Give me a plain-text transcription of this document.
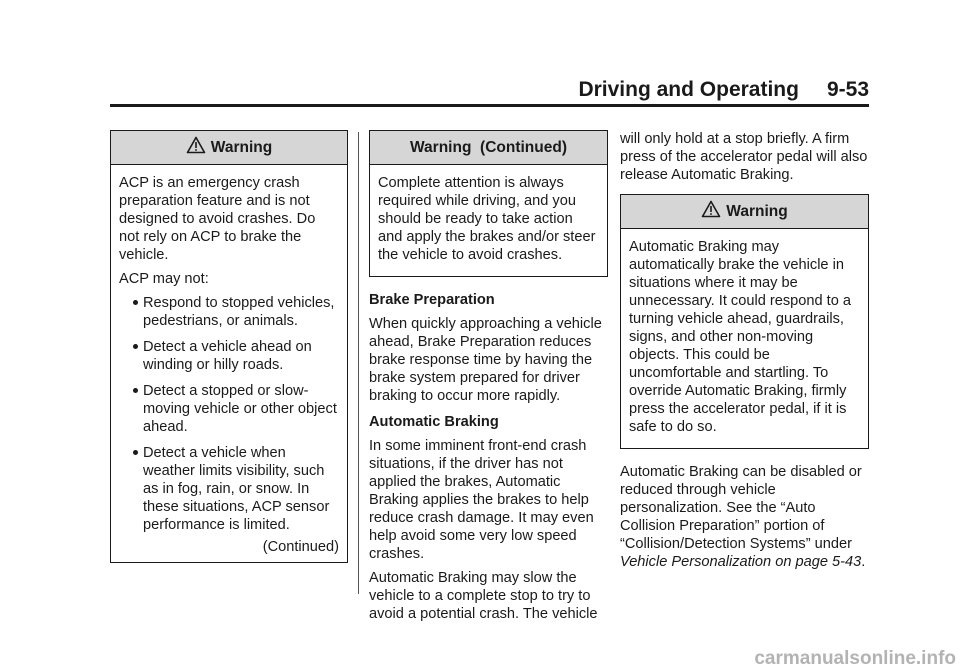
Driving and Operating 9-53
Warning

ACP is an emergency crash preparation feature and is not designed to avoid crashes. Do not rely on ACP to brake the vehicle.

ACP may not:

Respond to stopped vehicles, pedestrians, or animals.
Detect a vehicle ahead on winding or hilly roads.
Detect a stopped or slow-moving vehicle or other object ahead.
Detect a vehicle when weather limits visibility, such as in fog, rain, or snow. In these situations, ACP sensor performance is limited.
(Continued)
Warning  (Continued)

Complete attention is always required while driving, and you should be ready to take action and apply the brakes and/or steer the vehicle to avoid crashes.

Brake Preparation
When quickly approaching a vehicle ahead, Brake Preparation reduces brake response time by having the brake system prepared for driver braking to occur more rapidly.
Automatic Braking
In some imminent front-end crash situations, if the driver has not applied the brakes, Automatic Braking applies the brakes to help reduce crash damage. It may even help avoid some very low speed crashes.
Automatic Braking may slow the vehicle to a complete stop to try to avoid a potential crash. The vehicle
will only hold at a stop briefly. A firm press of the accelerator pedal will also release Automatic Braking.
Warning

Automatic Braking may automatically brake the vehicle in situations where it may be unnecessary. It could respond to a turning vehicle ahead, guardrails, signs, and other non-moving objects. This could be uncomfortable and startling. To override Automatic Braking, firmly press the accelerator pedal, if it is safe to do so.

Automatic Braking can be disabled or reduced through vehicle personalization. See the “Auto Collision Preparation” portion of “Collision/Detection Systems” under Vehicle Personalization on page 5-43.
carmanualsonline.info
